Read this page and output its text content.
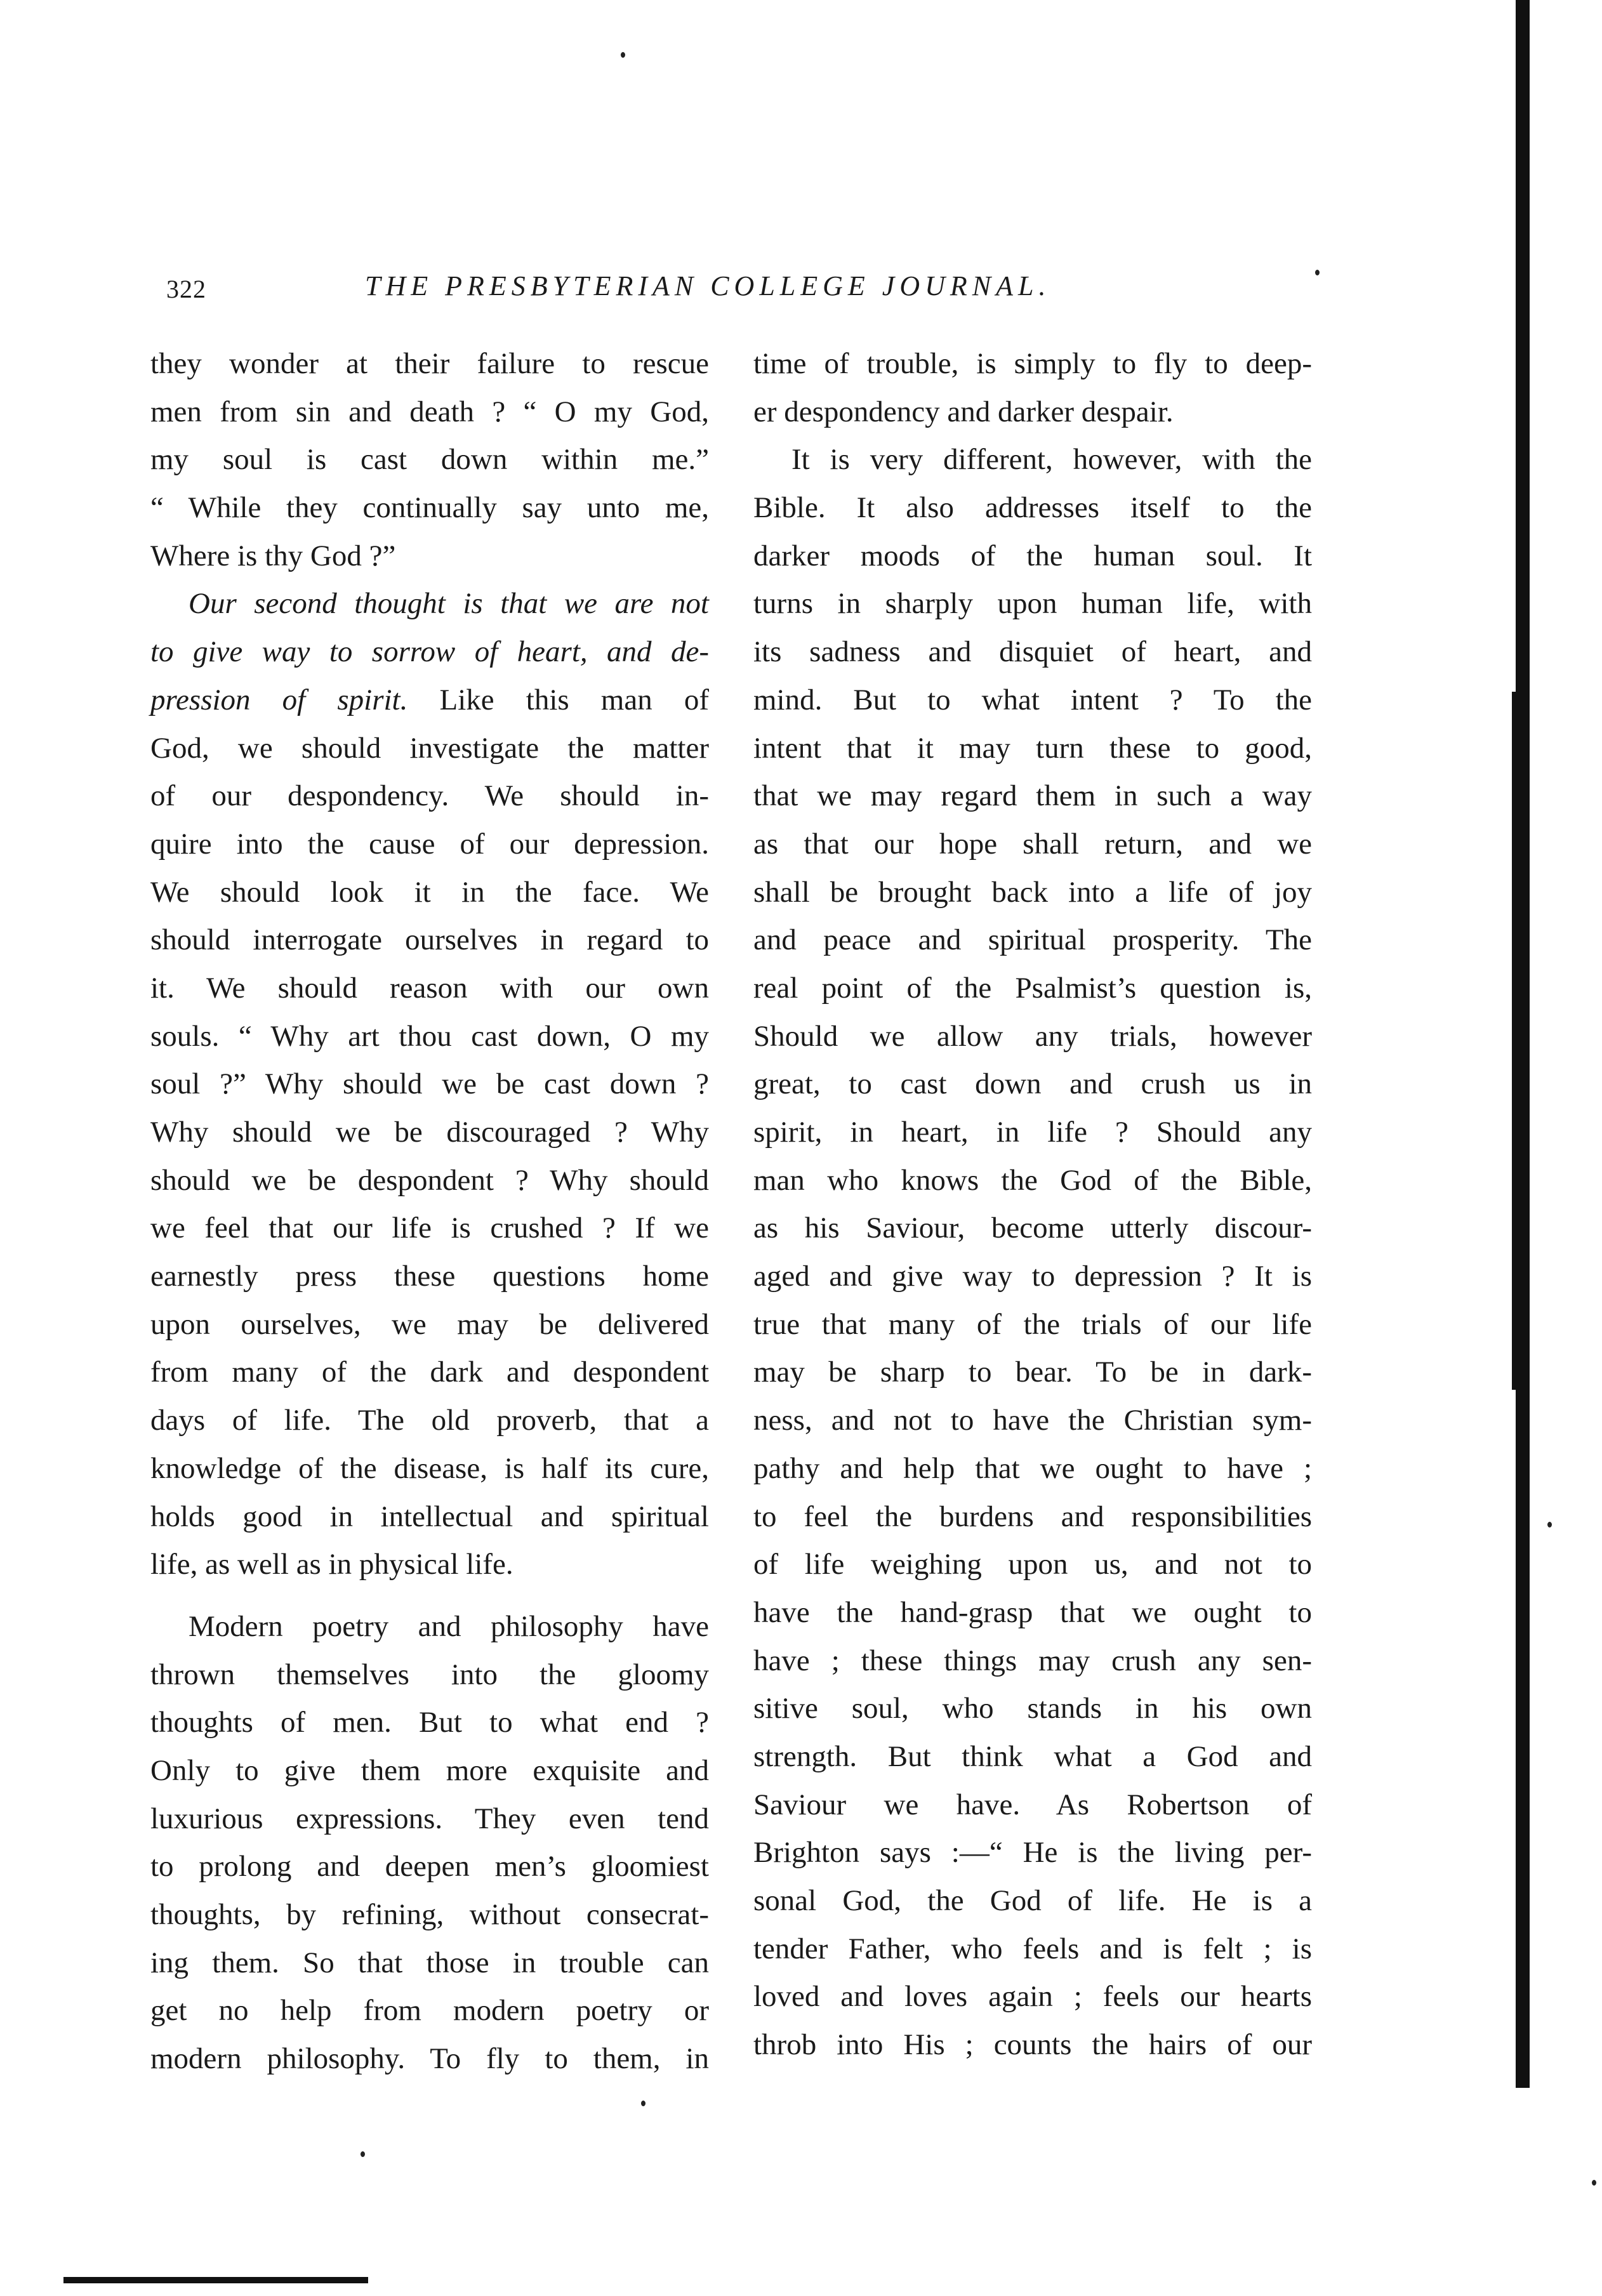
322	THE PRESBYTERIAN COLLEGE JOURNAL.
they wonder at their failure to rescue
men from sin and death ? “ O my God,
my soul is cast down within me.”
“ While they continually say unto me,
Where is thy God ?”
Our second thought is that we are not
to give way to sorrow of heart, and de-
pression of spirit. Like this man of
God, we should investigate the matter
of our despondency. We should in-
quire into the cause of our depression.
We should look it in the face. We
should interrogate ourselves in regard to
it. We should reason with our own
souls. “ Why art thou cast down, O my
soul ?” Why should we be cast down ?
Why should we be discouraged ? Why
should we be despondent ? Why should
we feel that our life is crushed ? If we
earnestly press these questions home
upon ourselves, we may be delivered
from many of the dark and despondent
days of life. The old proverb, that a
knowledge of the disease, is half its cure,
holds good in intellectual and spiritual
life, as well as in physical life.
Modern poetry and philosophy have
thrown themselves into the gloomy
thoughts of men. But to what end ?
Only to give them more exquisite and
luxurious expressions. They even tend
to prolong and deepen men’s gloomiest
thoughts, by refining, without consecrat-
ing them. So that those in trouble can
get no help from modern poetry or
modern philosophy. To fly to them, in
time of trouble, is simply to fly to deep-
er despondency and darker despair.
It is very different, however, with the
Bible. It also addresses itself to the
darker moods of the human soul. It
turns in sharply upon human life, with
its sadness and disquiet of heart, and
mind. But to what intent ? To the
intent that it may turn these to good,
that we may regard them in such a way
as that our hope shall return, and we
shall be brought back into a life of joy
and peace and spiritual prosperity. The
real point of the Psalmist’s question is,
Should we allow any trials, however
great, to cast down and crush us in
spirit, in heart, in life ? Should any
man who knows the God of the Bible,
as his Saviour, become utterly discour-
aged and give way to depression ? It is
true that many of the trials of our life
may be sharp to bear. To be in dark-
ness, and not to have the Christian sym-
pathy and help that we ought to have ;
to feel the burdens and responsibilities
of life weighing upon us, and not to
have the hand-grasp that we ought to
have ; these things may crush any sen-
sitive soul, who stands in his own
strength. But think what a God and
Saviour we have. As Robertson of
Brighton says :—“ He is the living per-
sonal God, the God of life. He is a
tender Father, who feels and is felt ; is
loved and loves again ; feels our hearts
throb into His ; counts the hairs of our
